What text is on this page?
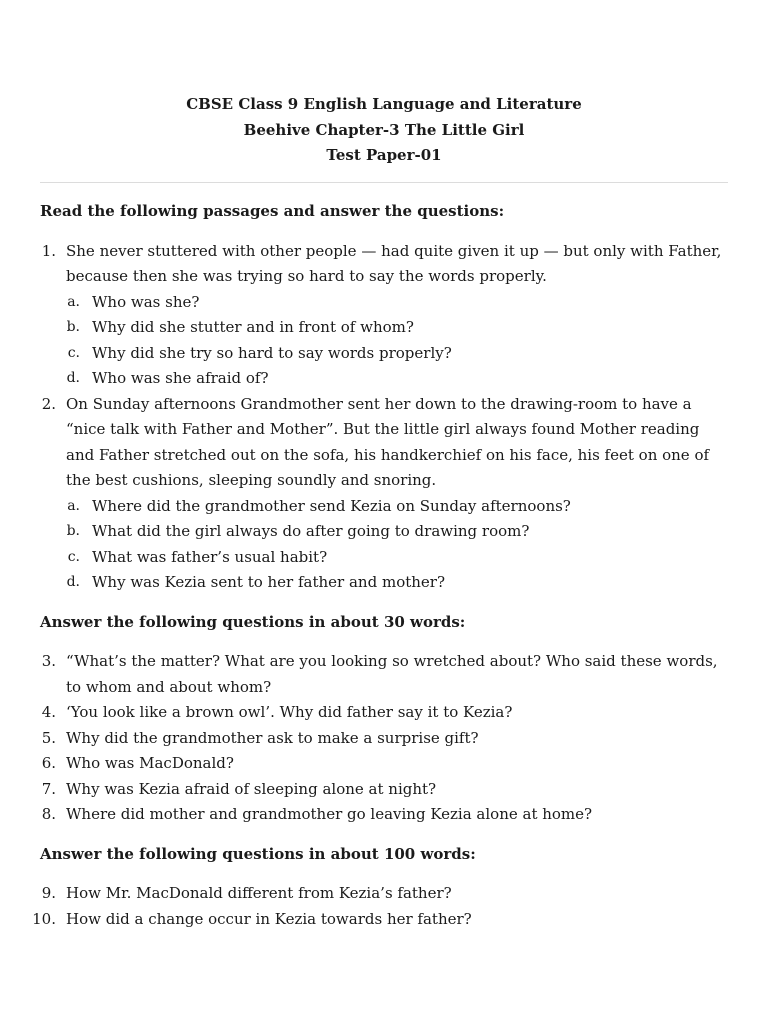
CBSE Class 9 English Language and Literature
Beehive Chapter-3 The Little Girl
Test Paper-01

Read the following passages and answer the questions:

1. She never stuttered with other people — had quite given it up — but only with Father, because then she was trying so hard to say the words properly.
a. Who was she?
b. Why did she stutter and in front of whom?
c. Why did she try so hard to say words properly?
d. Who was she afraid of?
2. On Sunday afternoons Grandmother sent her down to the drawing-room to have a “nice talk with Father and Mother”. But the little girl always found Mother reading and Father stretched out on the sofa, his handkerchief on his face, his feet on one of the best cushions, sleeping soundly and snoring.
a. Where did the grandmother send Kezia on Sunday afternoons?
b. What did the girl always do after going to drawing room?
c. What was father’s usual habit?
d. Why was Kezia sent to her father and mother?

Answer the following questions in about 30 words:

3. “What’s the matter? What are you looking so wretched about? Who said these words, to whom and about whom?
4. ‘You look like a brown owl’. Why did father say it to Kezia?
5. Why did the grandmother ask to make a surprise gift?
6. Who was MacDonald?
7. Why was Kezia afraid of sleeping alone at night?
8. Where did mother and grandmother go leaving Kezia alone at home?

Answer the following questions in about 100 words:

9. How Mr. MacDonald different from Kezia’s father?
10. How did a change occur in Kezia towards her father?
